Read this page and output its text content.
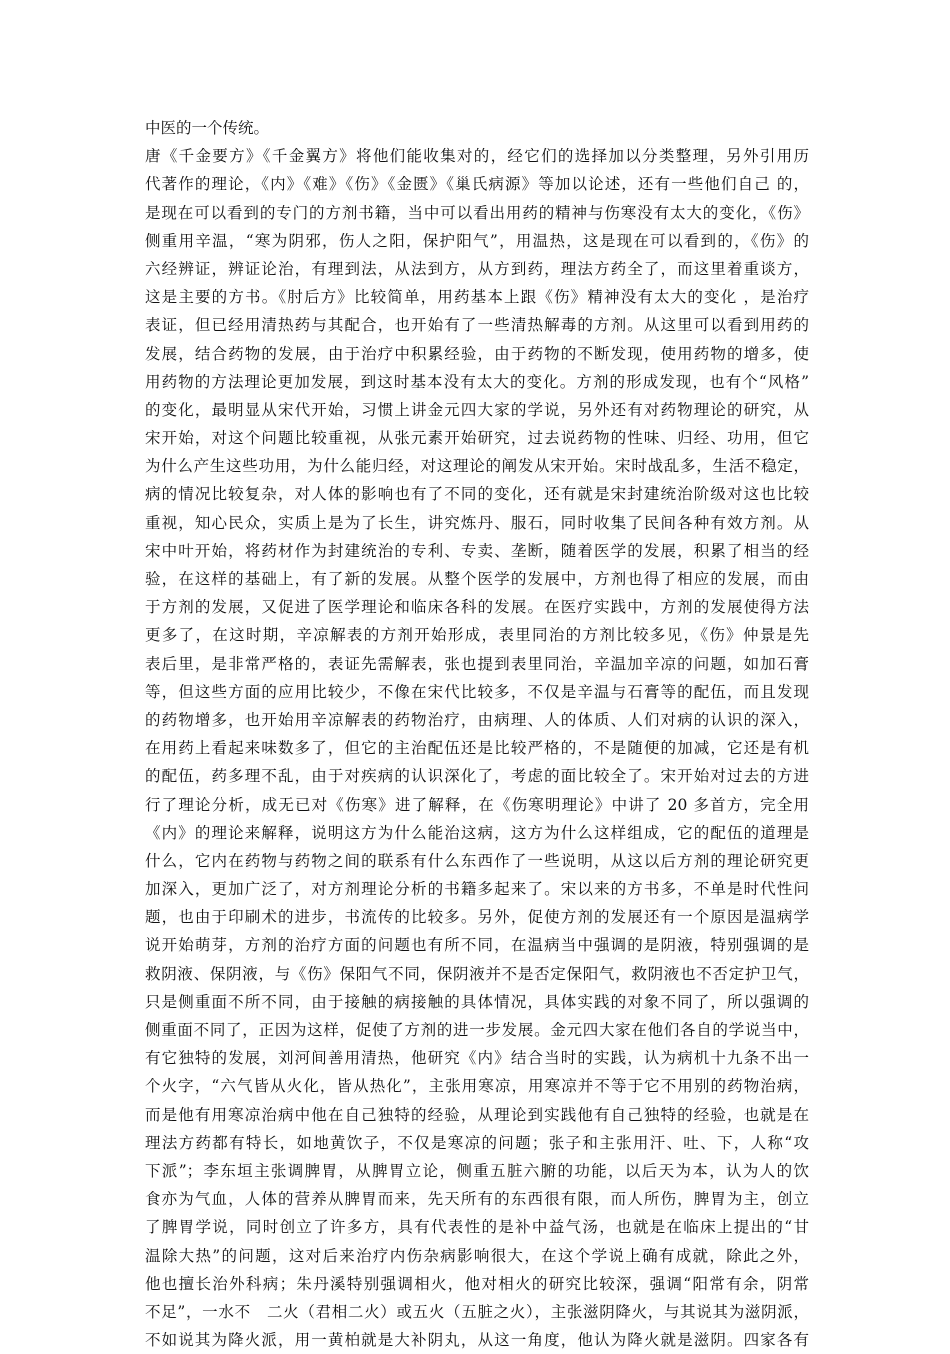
中医的一个传统。
唐《千金要方》《千金翼方》将他们能收集对的，经它们的选择加以分类整理，另外引用历
代著作的理论，《内》《难》《伤》《金匮》《巢氏病源》等加以论述，还有一些他们自己 的，
是现在可以看到的专门的方剂书籍，当中可以看出用药的精神与伤寒没有太大的变化，《伤》
侧重用辛温，“寒为阴邪，伤人之阳，保护阳气”，用温热，这是现在可以看到的，《伤》的
六经辨证，辨证论治，有理到法，从法到方，从方到药，理法方药全了，而这里着重谈方，
这是主要的方书。《肘后方》比较简单，用药基本上跟《伤》精神没有太大的变化 ，是治疗
表证，但已经用清热药与其配合，也开始有了一些清热解毒的方剂。从这里可以看到用药的
发展，结合药物的发展，由于治疗中积累经验，由于药物的不断发现，使用药物的增多，使
用药物的方法理论更加发展，到这时基本没有太大的变化。方剂的形成发现，也有个“风格”
的变化，最明显从宋代开始，习惯上讲金元四大家的学说，另外还有对药物理论的研究，从
宋开始，对这个问题比较重视，从张元素开始研究，过去说药物的性味、归经、功用，但它
为什么产生这些功用，为什么能归经，对这理论的阐发从宋开始。宋时战乱多，生活不稳定，
病的情况比较复杂，对人体的影响也有了不同的变化，还有就是宋封建统治阶级对这也比较
重视，知心民众，实质上是为了长生，讲究炼丹、服石，同时收集了民间各种有效方剂。从
宋中叶开始，将药材作为封建统治的专利、专卖、垄断，随着医学的发展，积累了相当的经
验，在这样的基础上，有了新的发展。从整个医学的发展中，方剂也得了相应的发展，而由
于方剂的发展，又促进了医学理论和临床各科的发展。在医疗实践中，方剂的发展使得方法
更多了，在这时期，辛凉解表的方剂开始形成，表里同治的方剂比较多见，《伤》仲景是先
表后里，是非常严格的，表证先需解表，张也提到表里同治，辛温加辛凉的问题，如加石膏
等，但这些方面的应用比较少，不像在宋代比较多，不仅是辛温与石膏等的配伍，而且发现
的药物增多，也开始用辛凉解表的药物治疗，由病理、人的体质、人们对病的认识的深入，
在用药上看起来味数多了，但它的主治配伍还是比较严格的，不是随便的加减，它还是有机
的配伍，药多理不乱，由于对疾病的认识深化了，考虑的面比较全了。宋开始对过去的方进
行了理论分析，成无已对《伤寒》进了解释，在《伤寒明理论》中讲了 20 多首方，完全用
《内》的理论来解释，说明这方为什么能治这病，这方为什么这样组成，它的配伍的道理是
什么，它内在药物与药物之间的联系有什么东西作了一些说明，从这以后方剂的理论研究更
加深入，更加广泛了，对方剂理论分析的书籍多起来了。宋以来的方书多，不单是时代性问
题，也由于印刷术的进步，书流传的比较多。另外，促使方剂的发展还有一个原因是温病学
说开始萌芽，方剂的治疗方面的问题也有所不同，在温病当中强调的是阴液，特别强调的是
救阴液、保阴液，与《伤》保阳气不同，保阴液并不是否定保阳气，救阴液也不否定护卫气，
只是侧重面不所不同，由于接触的病接触的具体情况，具体实践的对象不同了，所以强调的
侧重面不同了，正因为这样，促使了方剂的进一步发展。金元四大家在他们各自的学说当中，
有它独特的发展，刘河间善用清热，他研究《内》结合当时的实践，认为病机十九条不出一
个火字，“六气皆从火化，皆从热化”，主张用寒凉，用寒凉并不等于它不用别的药物治病，
而是他有用寒凉治病中他在自己独特的经验，从理论到实践他有自己独特的经验，也就是在
理法方药都有特长，如地黄饮子，不仅是寒凉的问题；张子和主张用汗、吐、下，人称“攻
下派”；李东垣主张调脾胃，从脾胃立论，侧重五脏六腑的功能，以后天为本，认为人的饮
食亦为气血，人体的营养从脾胃而来，先天所有的东西很有限，而人所伤，脾胃为主，创立
了脾胃学说，同时创立了许多方，具有代表性的是补中益气汤，也就是在临床上提出的“甘
温除大热”的问题，这对后来治疗内伤杂病影响很大，在这个学说上确有成就，除此之外，
他也擅长治外科病；朱丹溪特别强调相火，他对相火的研究比较深，强调“阳常有余，阴常
不足”，一水不　二火（君相二火）或五火（五脏之火），主张滋阴降火，与其说其为滋阴派，
不如说其为降火派，用一黄柏就是大补阴丸，从这一角度，他认为降火就是滋阴。四家各有
